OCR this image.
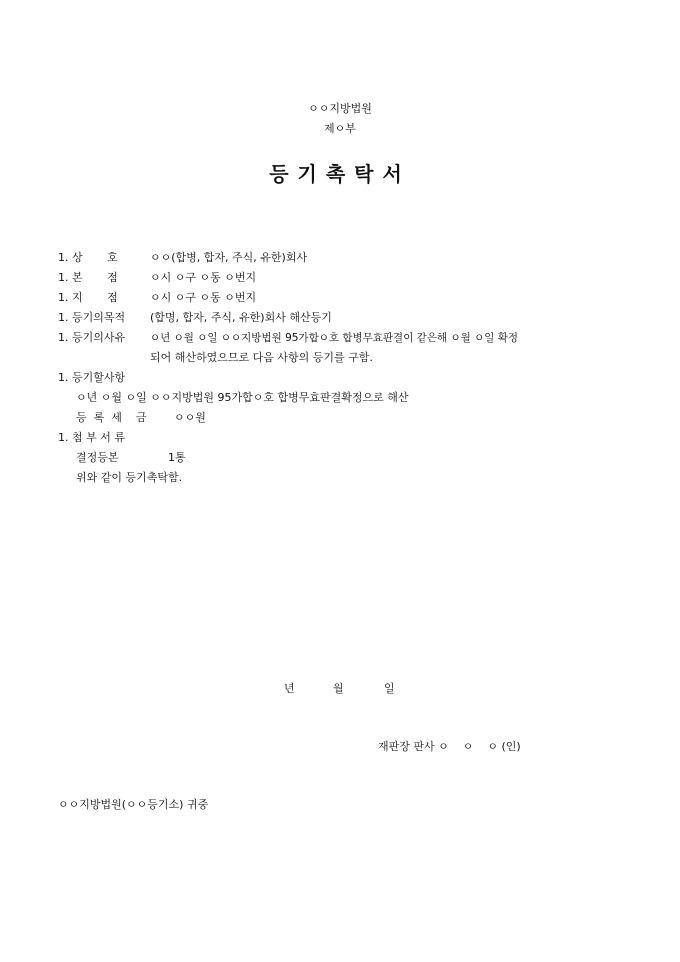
ㅇㅇ지방법원
제ㅇ부
등기촉탁서
1. 상       호	ㅇㅇ(합병, 합자, 주식, 유한)회사
1. 본       점	ㅇ시 ㅇ구 ㅇ동 ㅇ번지
1. 지       점	ㅇ시 ㅇ구 ㅇ동 ㅇ번지
1. 등기의목적 (합명, 합자, 주식, 유한)회사 해산등기
1. 등기의사유 ㅇ년 ㅇ월 ㅇ일 ㅇㅇ지방법원 95가합ㅇ호 합병무효판결이 같은해 ㅇ월 ㅇ일 확정
되어 해산하였으므로 다음 사항의 등기를 구함.
1. 등기할사항
ㅇ년 ㅇ월 ㅇ일 ㅇㅇ지방법원 95가합ㅇ호 합병무효판결확정으로 해산
등  록  세    금	ㅇㅇ원
1. 첨 부 서 류
결정등본	1통
위와 같이 등기촉탁함.
년	월	일
재판장 판사 ㅇ    ㅇ    ㅇ (인)
ㅇㅇ지방법원(ㅇㅇ등기소) 귀중
